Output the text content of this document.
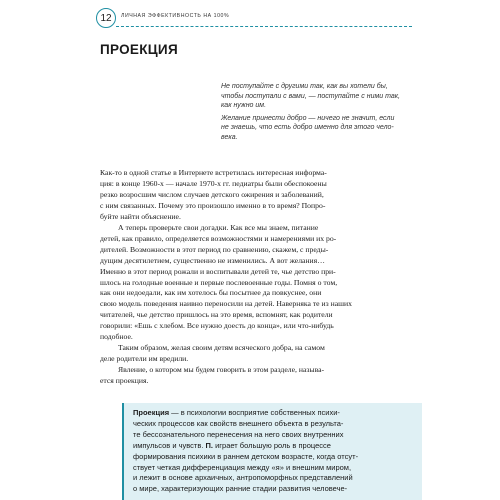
12 ЛИЧНАЯ ЭФФЕКТИВНОСТЬ НА 100%
ПРОЕКЦИЯ

Не поступайте с другими так, как вы хотели бы,
чтобы поступали с вами, — поступайте с ними так,
как нужно им.

Желание принести добро — ничего не значит, если
не знаешь, что есть добро именно для этого чело-
века.

Как-то в одной статье в Интернете встретилась интересная информа-
ция: в конце 1960-х — начале 1970-х гг. педиатры были обеспокоены
резко возросшим числом случаев детского ожирения и заболеваний,
с ним связанных. Почему это произошло именно в то время? Попро-
буйте найти объяснение.
А теперь проверьте свои догадки. Как все мы знаем, питание
детей, как правило, определяется возможностями и намерениями их ро-
дителей. Возможности в этот период по сравнению, скажем, с преды-
дущим десятилетием, существенно не изменились. А вот желания…
Именно в этот период рожали и воспитывали детей те, чье детство при-
шлось на голодные военные и первые послевоенные годы. Помня о том,
как они недоедали, как им хотелось бы посытнее да повкуснее, они
свою модель поведения наивно переносили на детей. Наверняка те из наших
читателей, чье детство пришлось на это время, вспомнят, как родители
говорили: «Ешь с хлебом. Все нужно доесть до конца», или что-нибудь
подобное.
Таким образом, желая своим детям всяческого добра, на самом
деле родители им вредили.
Явление, о котором мы будем говорить в этом разделе, называ-
ется проекция.
Проекция — в психологии восприятие собственных психи-
ческих процессов как свойств внешнего объекта в результа-
те бессознательного перенесения на него своих внутренних
импульсов и чувств. П. играет большую роль в процессе
формирования психики в раннем детском возрасте, когда отсут-
ствует четкая дифференциация между «я» и внешним миром,
и лежит в основе архаичных, антропоморфных представлений
о мире, характеризующих ранние стадии развития человече-
